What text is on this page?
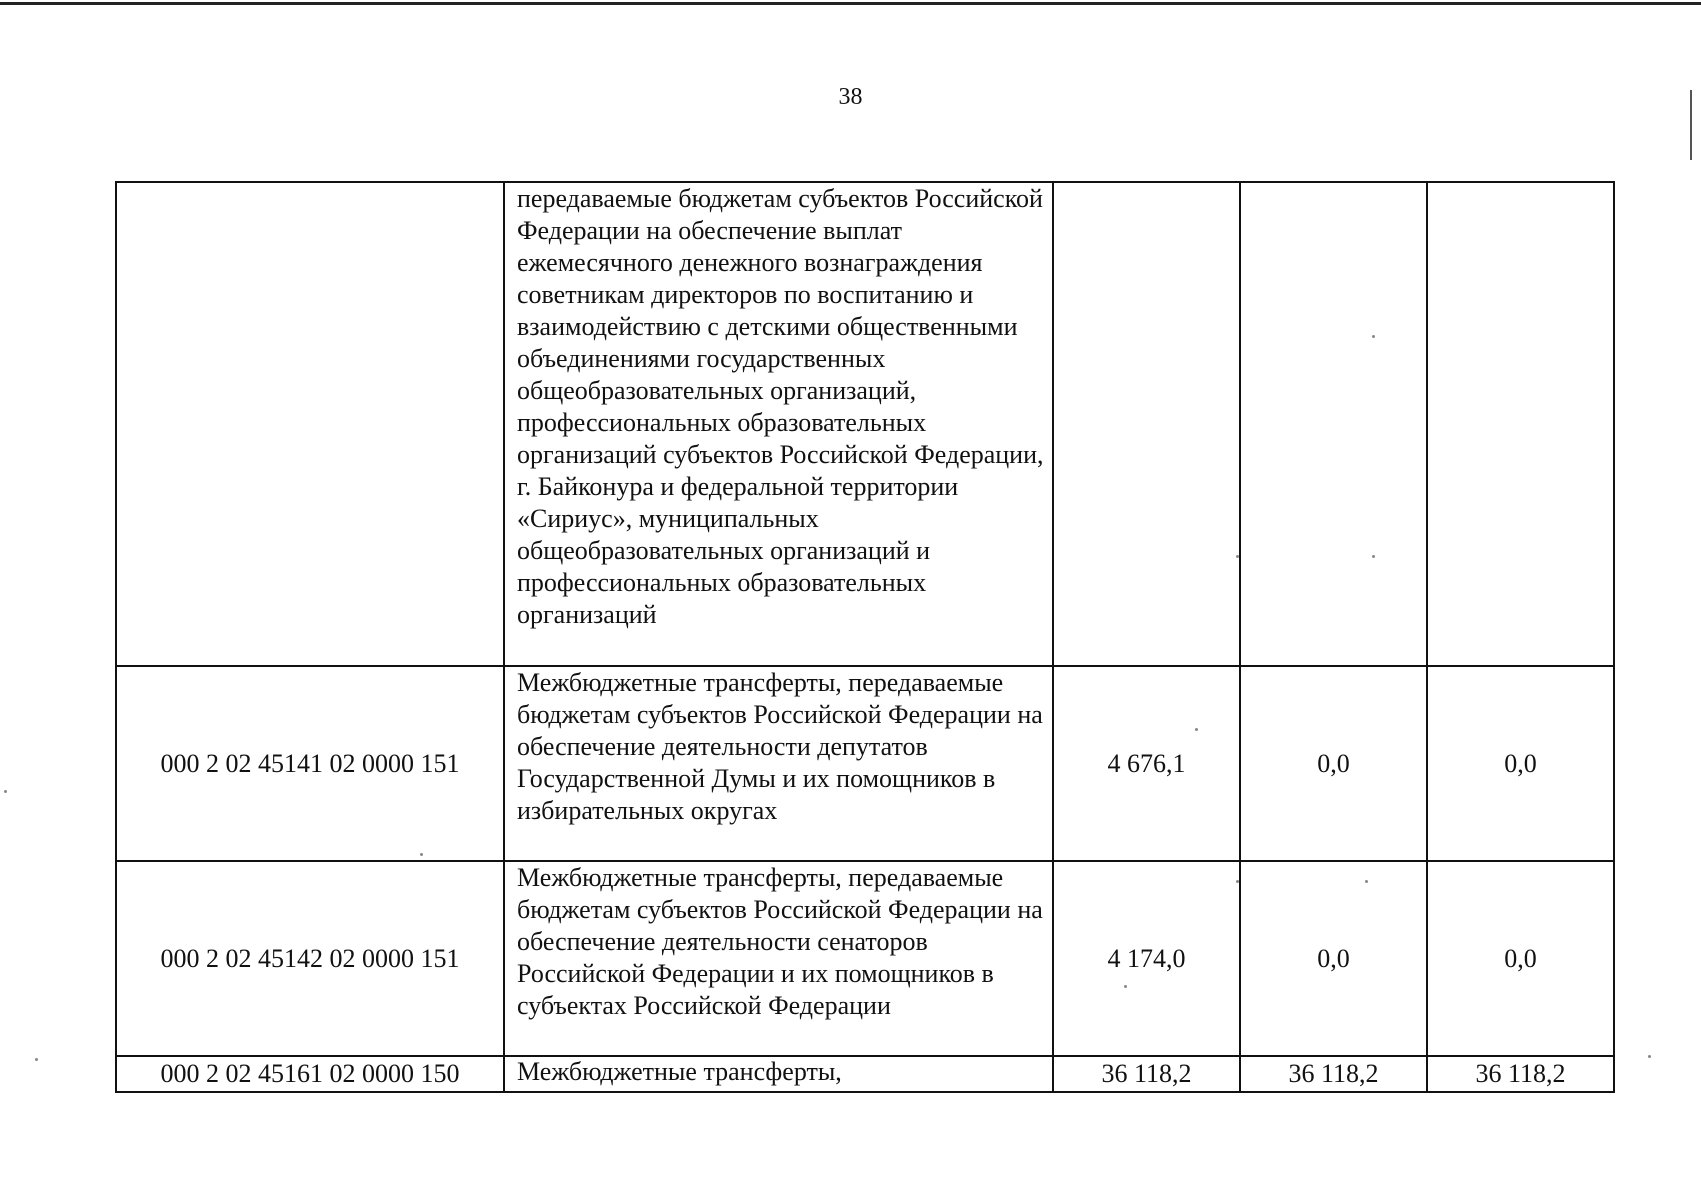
38
	передаваемые бюджетам субъектов Российской Федерации на обеспечение выплат ежемесячного денежного вознаграждения советникам директоров по воспитанию и взаимодействию с детскими общественными объединениями государственных общеобразовательных организаций, профессиональных образовательных организаций субъектов Российской Федерации, г. Байконура и федеральной территории «Сириус», муниципальных общеобразовательных организаций и профессиональных образовательных организаций			
000 2 02 45141 02 0000 151	Межбюджетные трансферты, передаваемые бюджетам субъектов Российской Федерации на обеспечение деятельности депутатов Государственной Думы и их помощников в избирательных округах	4 676,1	0,0	0,0
000 2 02 45142 02 0000 151	Межбюджетные трансферты, передаваемые бюджетам субъектов Российской Федерации на обеспечение деятельности сенаторов Российской Федерации и их помощников в субъектах Российской Федерации	4 174,0	0,0	0,0
000 2 02 45161 02 0000 150	Межбюджетные трансферты,	36 118,2	36 118,2	36 118,2
